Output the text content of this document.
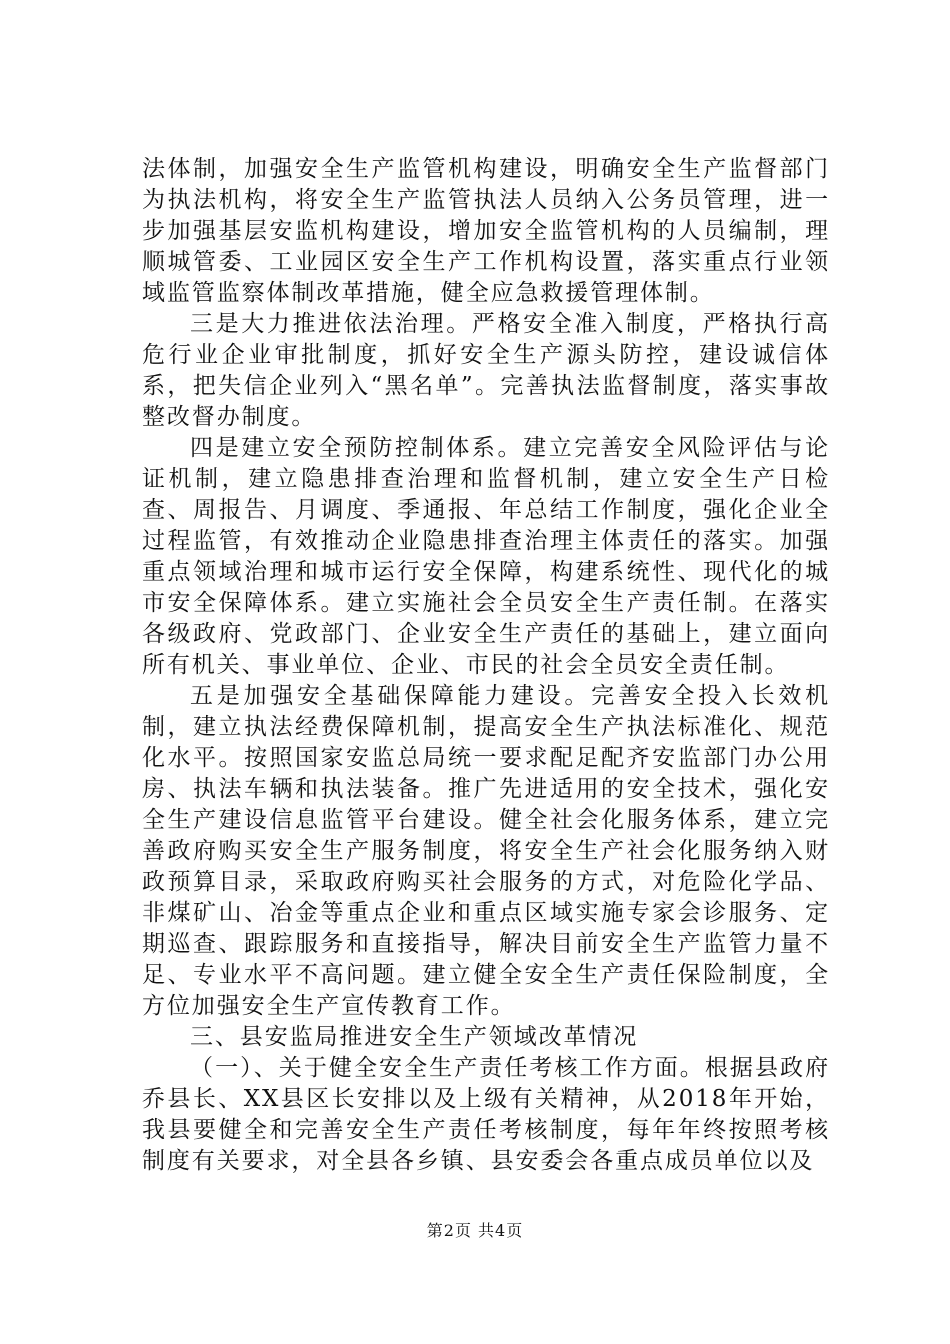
法体制，加强安全生产监管机构建设，明确安全生产监督部门为执法机构，将安全生产监管执法人员纳入公务员管理，进一步加强基层安监机构建设，增加安全监管机构的人员编制，理顺城管委、工业园区安全生产工作机构设置，落实重点行业领域监管监察体制改革措施，健全应急救援管理体制。

三是大力推进依法治理。严格安全准入制度，严格执行高危行业企业审批制度，抓好安全生产源头防控，建设诚信体系，把失信企业列入“黑名单”。完善执法监督制度，落实事故整改督办制度。

四是建立安全预防控制体系。建立完善安全风险评估与论证机制，建立隐患排查治理和监督机制，建立安全生产日检查、周报告、月调度、季通报、年总结工作制度，强化企业全过程监管，有效推动企业隐患排查治理主体责任的落实。加强重点领域治理和城市运行安全保障，构建系统性、现代化的城市安全保障体系。建立实施社会全员安全生产责任制。在落实各级政府、党政部门、企业安全生产责任的基础上，建立面向所有机关、事业单位、企业、市民的社会全员安全责任制。

五是加强安全基础保障能力建设。完善安全投入长效机制，建立执法经费保障机制，提高安全生产执法标准化、规范化水平。按照国家安监总局统一要求配足配齐安监部门办公用房、执法车辆和执法装备。推广先进适用的安全技术，强化安全生产建设信息监管平台建设。健全社会化服务体系，建立完善政府购买安全生产服务制度，将安全生产社会化服务纳入财政预算目录，采取政府购买社会服务的方式，对危险化学品、非煤矿山、冶金等重点企业和重点区域实施专家会诊服务、定期巡查、跟踪服务和直接指导，解决目前安全生产监管力量不足、专业水平不高问题。建立健全安全生产责任保险制度，全方位加强安全生产宣传教育工作。

三、县安监局推进安全生产领域改革情况

（一）、关于健全安全生产责任考核工作方面。根据县政府乔县长、XX县区长安排以及上级有关精神，从2018年开始，我县要健全和完善安全生产责任考核制度，每年年终按照考核制度有关要求，对全县各乡镇、县安委会各重点成员单位以及

第2页 共4页
